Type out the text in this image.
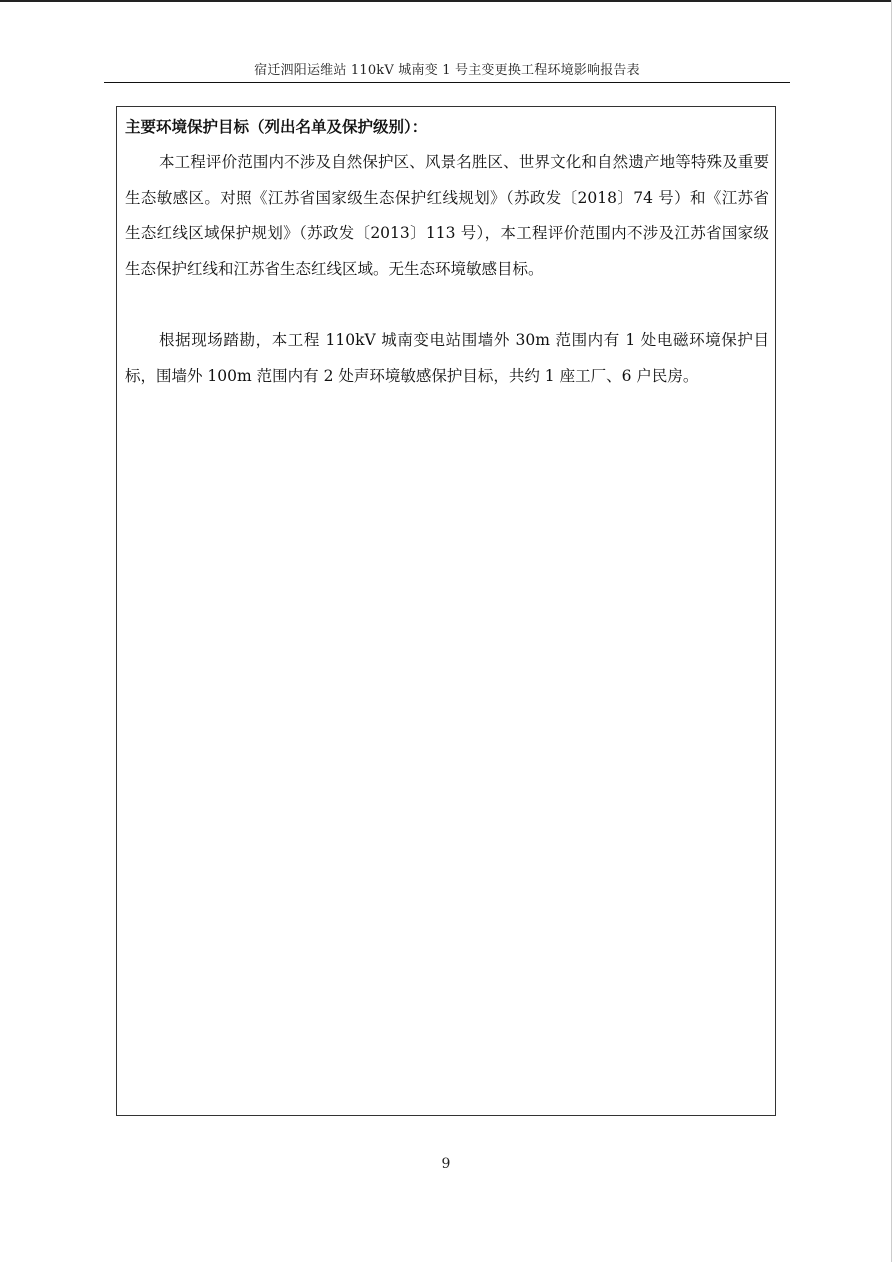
宿迁泗阳运维站 110kV 城南变 1 号主变更换工程环境影响报告表
主要环境保护目标（列出名单及保护级别）：

本工程评价范围内不涉及自然保护区、风景名胜区、世界文化和自然遗产地等特殊及重要生态敏感区。对照《江苏省国家级生态保护红线规划》（苏政发〔2018〕74 号）和《江苏省生态红线区域保护规划》（苏政发〔2013〕113 号），本工程评价范围内不涉及江苏省国家级生态保护红线和江苏省生态红线区域。无生态环境敏感目标。

根据现场踏勘，本工程 110kV 城南变电站围墙外 30m 范围内有 1 处电磁环境保护目标，围墙外 100m 范围内有 2 处声环境敏感保护目标，共约 1 座工厂、6 户民房。

9
